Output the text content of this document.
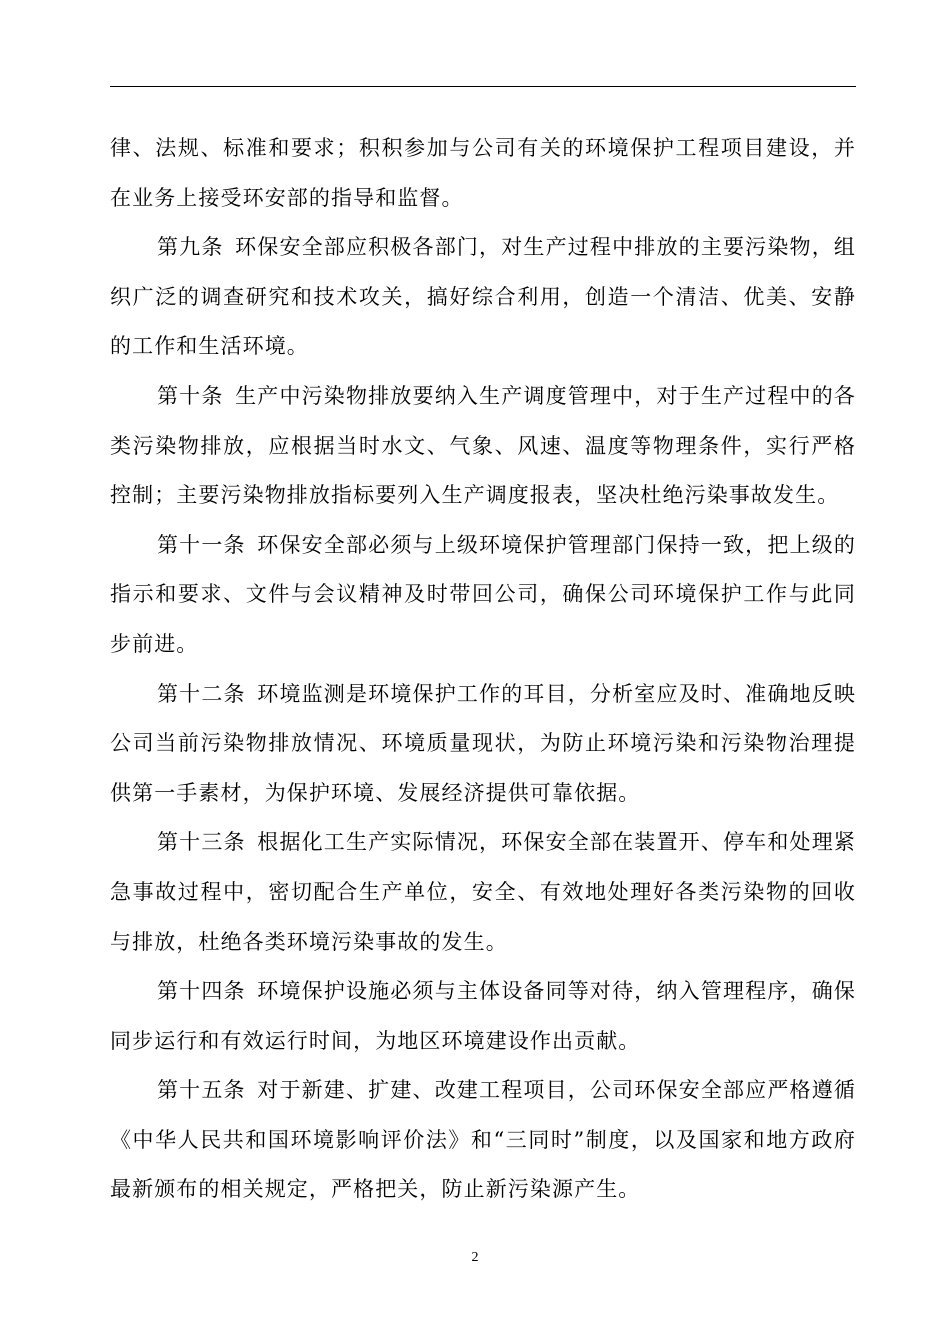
律、法规、标准和要求；积积参加与公司有关的环境保护工程项目建设，并在业务上接受环安部的指导和监督。

第九条 环保安全部应积极各部门，对生产过程中排放的主要污染物，组织广泛的调查研究和技术攻关，搞好综合利用，创造一个清洁、优美、安静的工作和生活环境。

第十条 生产中污染物排放要纳入生产调度管理中，对于生产过程中的各类污染物排放，应根据当时水文、气象、风速、温度等物理条件，实行严格控制；主要污染物排放指标要列入生产调度报表，坚决杜绝污染事故发生。

第十一条 环保安全部必须与上级环境保护管理部门保持一致，把上级的指示和要求、文件与会议精神及时带回公司，确保公司环境保护工作与此同步前进。

第十二条 环境监测是环境保护工作的耳目，分析室应及时、准确地反映公司当前污染物排放情况、环境质量现状，为防止环境污染和污染物治理提供第一手素材，为保护环境、发展经济提供可靠依据。

第十三条 根据化工生产实际情况，环保安全部在装置开、停车和处理紧急事故过程中，密切配合生产单位，安全、有效地处理好各类污染物的回收与排放，杜绝各类环境污染事故的发生。

第十四条 环境保护设施必须与主体设备同等对待，纳入管理程序，确保同步运行和有效运行时间，为地区环境建设作出贡献。

第十五条 对于新建、扩建、改建工程项目，公司环保安全部应严格遵循《中华人民共和国环境影响评价法》和“三同时”制度，以及国家和地方政府最新颁布的相关规定，严格把关，防止新污染源产生。

2
